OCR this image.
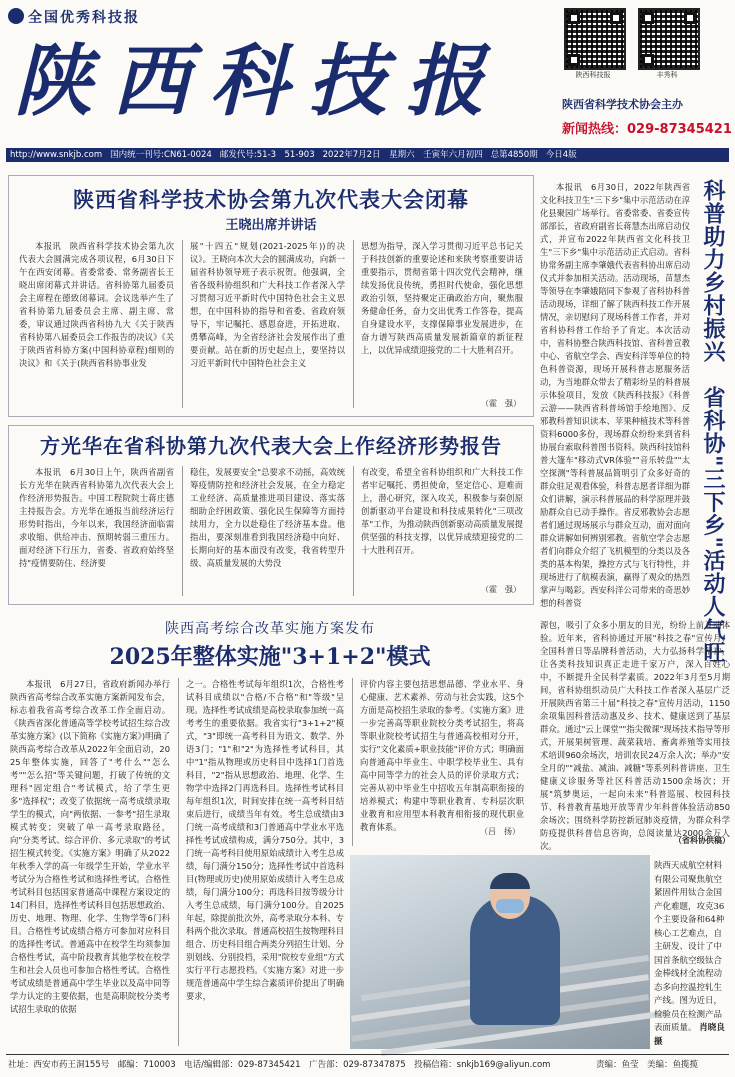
全国优秀科技报
陕西科技报	陕西科技报	丰秀科
陕西省科学技术协会主办
新闻热线：029-87345421
http://www.snkjb.com 国内统一刊号:CN61-0024 邮发代号:51-3　51-903 2022年7月2日　星期六　壬寅年六月初四 总第4850期 今日4版
陕西省科学技术协会第九次代表大会闭幕
王晓出席并讲话

本报讯　陕西省科学技术协会第九次代表大会圆满完成各项议程，6月30日下午在西安闭幕。省委常委、常务副省长王晓出席闭幕式并讲话。省科协第九届委员会主席程在德致闭幕词。会议选举产生了省科协第九届委员会主席、副主席、常委，审议通过陕西省科协九大《关于陕西省科协第八届委员会工作报告的决议》《关于陕西省科协方案(中国科协章程)细则的决议》和《关于(陕西省科协事业发

展"十四五"规划(2021-2025年))的决议》。王晓向本次大会的圆满成功，向新一届省科协领导班子表示祝贺。他强调，全省各级科协组织和广大科技工作者深入学习贯彻习近平新时代中国特色社会主义思想，在中国科协的指导和省委、省政府领导下，牢记嘱托、感恩奋进，开拓进取、勇攀高峰，为全省经济社会发展作出了重要贡献。站在新的历史起点上，要坚持以习近平新时代中国特色社会主义

思想为指导，深入学习贯彻习近平总书记关于科技创新的重要论述和来陕考察重要讲话重要指示，贯彻省第十四次党代会精神，继续发扬优良传统，勇担时代使命，强化思想政治引领，坚持聚定正确政治方向，聚焦服务健命任务，奋力交出优秀工作答卷，提高自身建设水平，支撑保障事业发展进步，在奋力谱写陕西高质量发展新篇章的新征程上，以优异成绩迎接党的二十大胜利召开。

（霍　强）
方光华在省科协第九次代表大会上作经济形势报告

本报讯　6月30日上午，陕西省副省长方光华在陕西省科协第九次代表大会上作经济形势报告。中国工程院院士蒋庄德主持报告会。方光华在通报当前经济运行形势时指出，今年以来，我国经济面临需求收缩、供给冲击、预期转弱三重压力。面对经济下行压力，省委、省政府始终坚持"疫情要防住、经济要

稳住，发展要安全"总要求不动摇，高效统筹疫情防控和经济社会发展，在全力稳定工业经济、高质量推进项目建设、落实落细助企纾困政策、强化民生保障等方面持续用力，全力以赴稳住了经济基本盘。他指出，要深刻准看到我国经济稳中向好、长期向好的基本面没有改变，我省转型升级、高质量发展的大势没

有改变，希望全省科协组织和广大科技工作者牢记嘱托、勇担使命，坚定信心、迎难而上，潜心研究，深入攻关，积极参与秦创原创新驱动平台建设和科技成果转化"三项改革"工作，为推动陕西创新驱动高质量发展提供坚强的科技支撑，以优异成绩迎接党的二十大胜利召开。

（霍　强）
陕西高考综合改革实施方案发布
2025年整体实施"3+1+2"模式

本报讯　6月27日，省政府新闻办举行陕西省高考综合改革实施方案新闻发布会，标志着我省高考综合改革工作全面启动。《陕西省深化普通高等学校考试招生综合改革实施方案》(以下简称《实施方案》)明确了陕西高考综合改革从2022年全面启动，2025年整体实施，回答了"考什么""怎么考""怎么招"等关键问题，打破了传统的文理科"固定组合"考试模式，给了学生更多"选择权"；改变了依据统一高考成绩录取学生的模式，向"两依据、一参考"招生录取模式转变；突破了单一高考录取路径，向"分类考试、综合评价、多元录取"的考试招生模式转变。《实施方案》明确了从2022年秋季入学的高一年级学生开始，学业水平考试分为合格性考试和选择性考试。合格性考试科目包括国家普通高中课程方案设定的14门科目，选择性考试科目包括思想政治、历史、地理、物理、化学、生物学等6门科目。合格性考试成绩合格方可参加对应科目的选择性考试。普通高中在校学生均须参加合格性考试，高中阶段教育其他学校在校学生和社会人员也可参加合格性考试。合格性考试成绩是普通高中学生毕业以及高中同等学力认定的主要依据，也是高职院校分类考试招生录取的依据

之一。合格性考试每年组织1次，合格性考试科目成绩以"合格/不合格"和"等级"呈现。选择性考试成绩是高校录取参加统一高考考生的重要依据。我省实行"3+1+2"模式，"3"即统一高考科目为语文、数学、外语3门；"1"和"2"为选择性考试科目，其中"1"指从物理或历史科目中选择1门首选科目，"2"指从思想政治、地理、化学、生物学中选择2门再选科目。选择性考试科目每年组织1次，时间安排在统一高考科目结束后进行，成绩当年有效。考生总成绩由3门统一高考成绩和3门普通高中学业水平选择性考试成绩构成，满分750分。其中，3门统一高考科目使用原始成绩计入考生总成绩，每门满分150分；选择性考试中首选科目(物理或历史)使用原始成绩计入考生总成绩，每门满分100分；再选科目按等级分计入考生总成绩，每门满分100分。自2025年起，除提前批次外，高考录取分本科、专科两个批次录取。普通高校招生按物理科目组合、历史科目组合两类分列招生计划、分别划线、分别投档，采用"院校专业组"方式实行平行志愿投档。《实施方案》对进一步规范普通高中学生综合素质评价提出了明确要求，

评价内容主要包括思想品德、学业水平、身心健康、艺术素养、劳动与社会实践，这5个方面是高校招生录取的参考。《实施方案》进一步完善高等职业院校分类考试招生，将高等职业院校考试招生与普通高校相对分开，实行"文化素质+职业技能"评价方式；明确面向普通高中毕业生、中职学校毕业生、具有高中同等学力的社会人员的评价录取方式；完善从初中毕业生中招收五年制高职衔接的培养模式；构建中等职业教育、专科层次职业教育和应用型本科教育相衔接的现代职业教育体系。	（吕　扬）
陕西天成航空材料有限公司聚焦航空紧固件用钛合金国产化难题，攻克36个主要设备和64种核心工艺难点，自主研发、设计了中国首条航空级钛合金棒线材全流程动态多向控温控轧生产线。图为近日，检验员在检测产品表面质量。 肖晓良　摄
科普助力乡村振兴　省科协"三下乡"活动人气旺

本报讯　6月30日，2022年陕西省文化科技卫生"三下乡"集中示范活动在淳化县聚园广场举行。省委常委、省委宣传部部长，省政府副省长蒋慧杰出席启动仪式，并宣布2022年陕西省文化科技卫生"三下乡"集中示范活动正式启动。省科协常务副主席李肇娥代表省科协出席启动仪式并参加相关活动。活动现场，苗慧杰等领导在李肇娥陪同下参观了省科协科普活动现场，详细了解了陕西科技工作开展情况，亲切慰问了现场科普工作者，并对省科协科普工作给予了肯定。本次活动中，省科协整合陕西科技馆、省科普宣教中心、省航空学会、西安科洋等单位的特色科普资源，现场开展科普志愿服务活动，为当地群众带去了精彩纷呈的科普展示体验项目，发放《陕西科技报》《科普云游——陕西省科普场馆手绘地图》、反邪教科普知识读本、苹果种植技术等科普资料6000多份，现场群众纷纷来到省科协展台索取科普图书资料。陕西科技馆科普大篷车"移动式VR体验""音乐转盘""太空探测"等科普展品简明引了众多好奇的群众驻足观看体验，科普志愿者详细为群众们讲解，演示科普展品的科学原理并鼓励群众自已动手操作。省反邪教协会志愿者们通过现场展示与群众互动，面对面向群众讲解如何辨别邪教。省航空学会志愿者们向群众介绍了飞机模型的分类以及各类的基本构架，操控方式与飞行特性，并现场进行了航模表演，赢得了观众的热烈掌声与喝彩。西安科洋公司带来的奇思妙想的科普资

源包，吸引了众多小朋友的目光，纷纷上前互动体验。近年来，省科协通过开展"科技之春"宣传月、全国科普日等品牌科普活动，大力弘扬科学精神，让各类科技知识真正走进千家万户，深入百姓心中，不断提升全民科学素质。2022年3月至5月期间，省科协组织动员广大科技工作者深入基层广泛开展陕西省第三十届"科技之春"宣传月活动，1150余项集因科普活动惠及乡、技术、健康送到了基层群众。通过"云上课堂""指尖微课"现场技术指导等形式，开展果树管理、蔬菜栽培、畜禽养殖等实用技术培训960余场次，培训农民24万余人次；举办"安全月的""减盐、减油、减糖"等系列科普讲座、卫生健康义诊服务等社区科普活动1500余场次；开展"筑梦奥运，一起向未来"科普巡展、校园科技节、科普教育基地开放等青少年科普体验活动850余场次；围绕科学防控新冠肺炎疫情，为群众科学防疫提供科普信息咨询，总阅读量达2000余万人次。

（省科协供稿）
社址：西安市药王洞155号　邮编：710003　电话/编辑部：029-87345421　广告部：029-87347875　投稿信箱：snkjb169@aliyun.com	责编：鱼莹　美编：鱼揽揽
